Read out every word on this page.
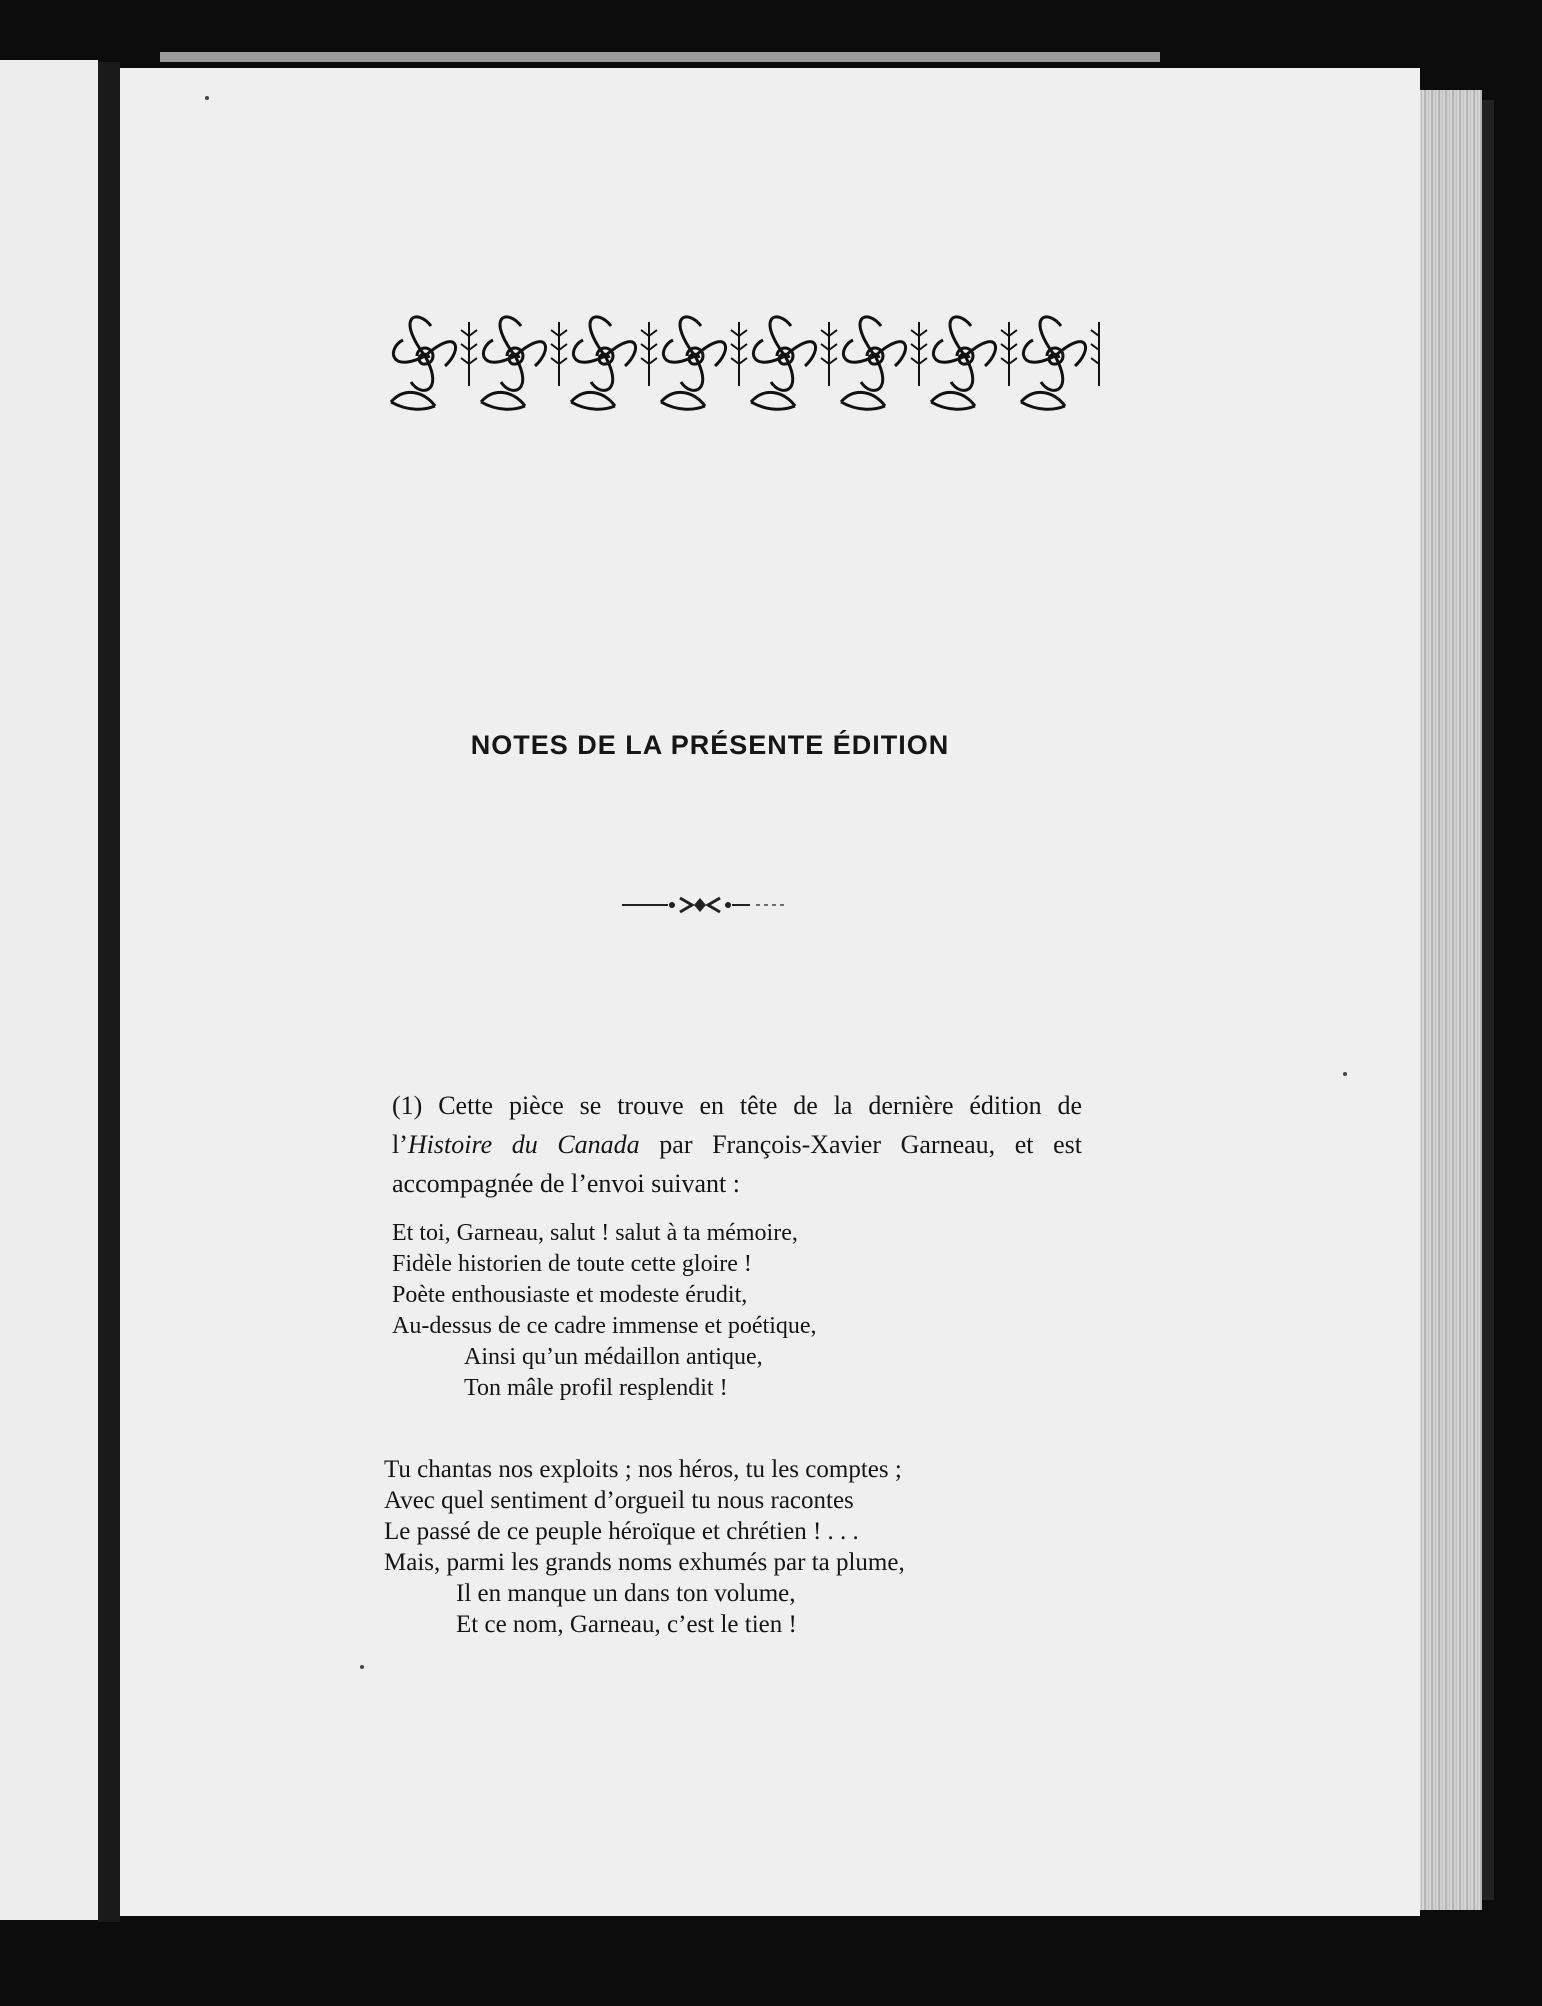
NOTES DE LA PRÉSENTE ÉDITION

(1) Cette pièce se trouve en tête de la dernière édition de l’Histoire du Canada par François-Xavier Garneau, et est accompagnée de l’envoi suivant :

Et toi, Garneau, salut ! salut à ta mémoire,
Fidèle historien de toute cette gloire !
Poète enthousiaste et modeste érudit,
Au-dessus de ce cadre immense et poétique,
Ainsi qu’un médaillon antique,
Ton mâle profil resplendit !
Tu chantas nos exploits ; nos héros, tu les comptes ;
Avec quel sentiment d’orgueil tu nous racontes
Le passé de ce peuple héroïque et chrétien ! . . .
Mais, parmi les grands noms exhumés par ta plume,
Il en manque un dans ton volume,
Et ce nom, Garneau, c’est le tien !
